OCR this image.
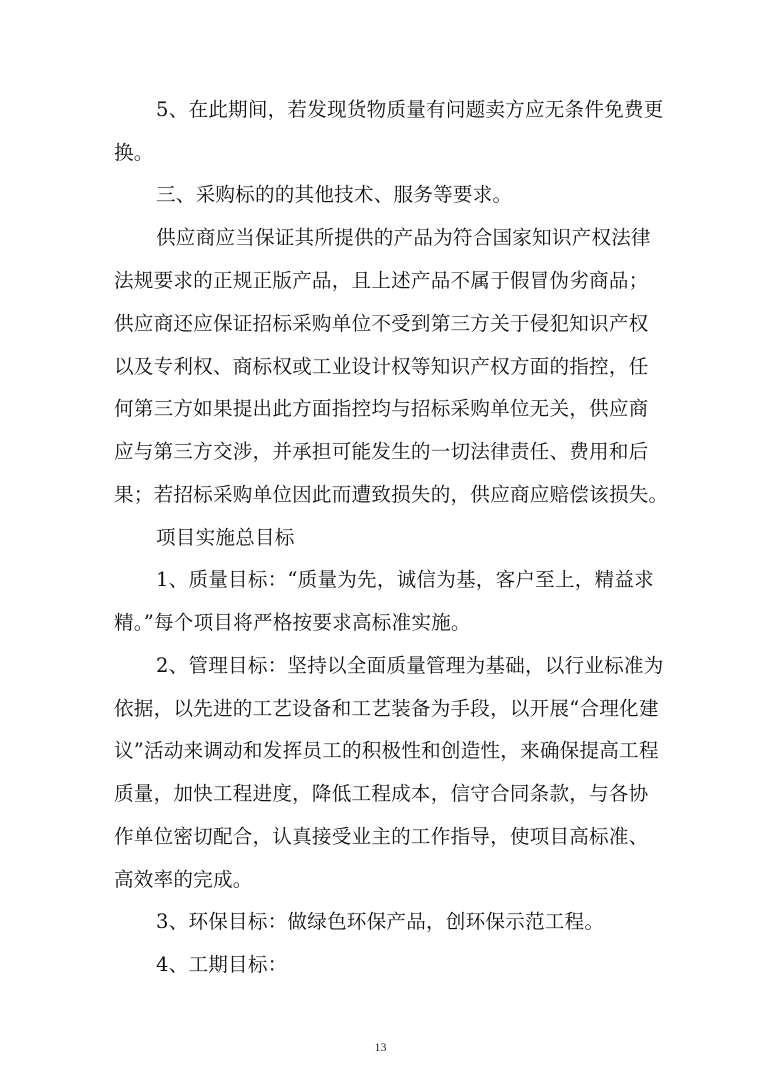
5、在此期间，若发现货物质量有问题卖方应无条件免费更
换。
三、采购标的的其他技术、服务等要求。
供应商应当保证其所提供的产品为符合国家知识产权法律
法规要求的正规正版产品，且上述产品不属于假冒伪劣商品；
供应商还应保证招标采购单位不受到第三方关于侵犯知识产权
以及专利权、商标权或工业设计权等知识产权方面的指控，任
何第三方如果提出此方面指控均与招标采购单位无关，供应商
应与第三方交涉，并承担可能发生的一切法律责任、费用和后
果；若招标采购单位因此而遭致损失的，供应商应赔偿该损失。
项目实施总目标
1、质量目标：“质量为先，诚信为基，客户至上，精益求
精。”每个项目将严格按要求高标准实施。
2、管理目标：坚持以全面质量管理为基础，以行业标准为
依据，以先进的工艺设备和工艺装备为手段，以开展“合理化建
议”活动来调动和发挥员工的积极性和创造性，来确保提高工程
质量，加快工程进度，降低工程成本，信守合同条款，与各协
作单位密切配合，认真接受业主的工作指导，使项目高标准、
高效率的完成。
3、环保目标：做绿色环保产品，创环保示范工程。
4、工期目标：
13
